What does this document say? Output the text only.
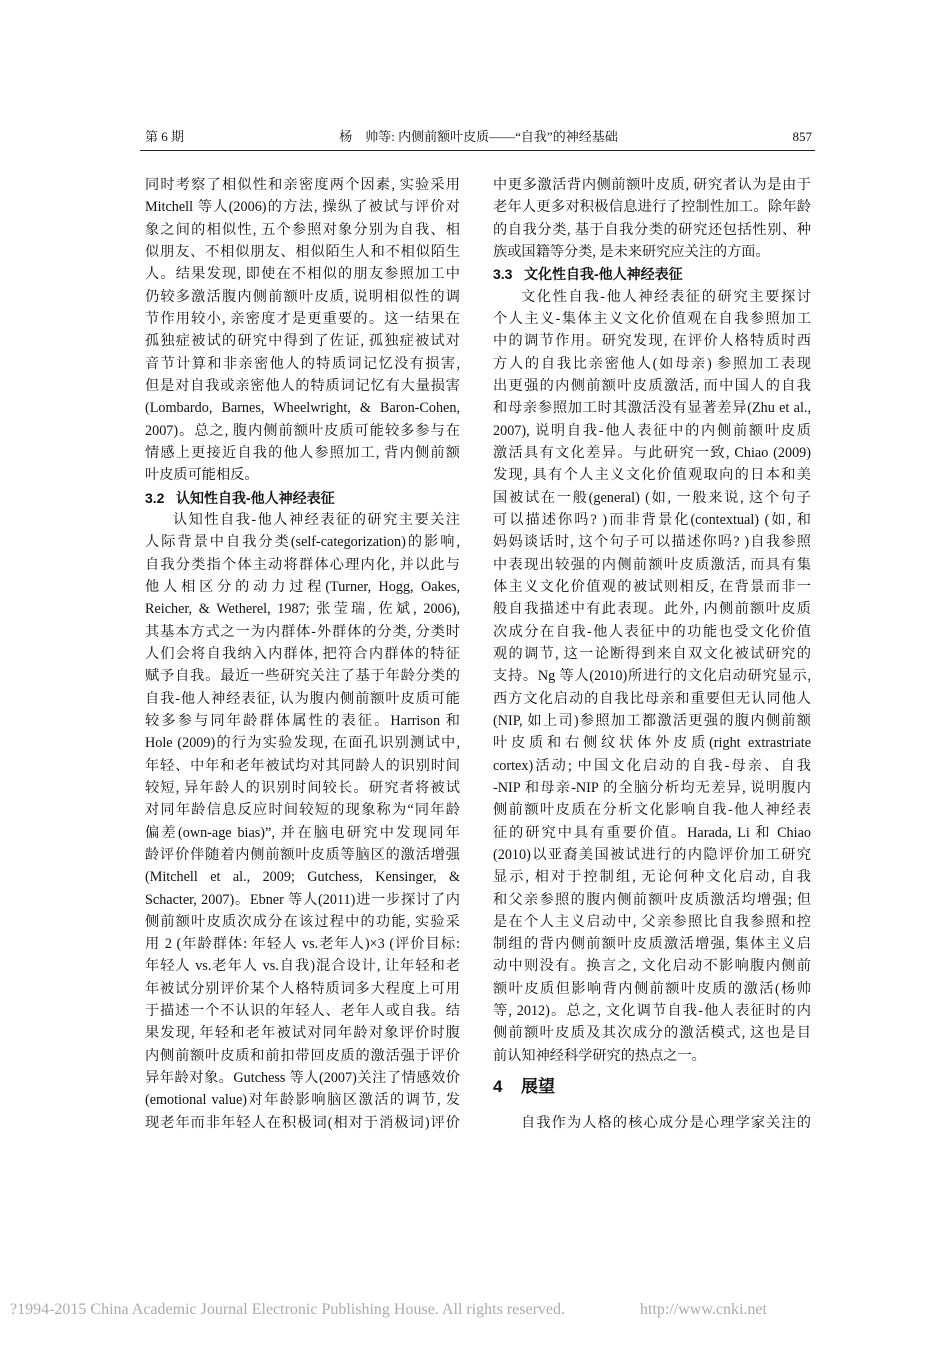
第 6 期	杨　帅等: 内侧前额叶皮质——“自我”的神经基础	857
同时考察了相似性和亲密度两个因素, 实验采用
Mitchell 等人(2006)的方法, 操纵了被试与评价对
象之间的相似性, 五个参照对象分别为自我、相
似朋友、不相似朋友、相似陌生人和不相似陌生
人。结果发现, 即使在不相似的朋友参照加工中
仍较多激活腹内侧前额叶皮质, 说明相似性的调
节作用较小, 亲密度才是更重要的。这一结果在
孤独症被试的研究中得到了佐证, 孤独症被试对
音节计算和非亲密他人的特质词记忆没有损害,
但是对自我或亲密他人的特质词记忆有大量损害
(Lombardo, Barnes, Wheelwright, & Baron-Cohen,
2007)。总之, 腹内侧前额叶皮质可能较多参与在
情感上更接近自我的他人参照加工, 背内侧前额
叶皮质可能相反。
3.2 认知性自我-他人神经表征
认知性自我-他人神经表征的研究主要关注
人际背景中自我分类(self-categorization)的影响,
自我分类指个体主动将群体心理内化, 并以此与
他人相区分的动力过程(Turner, Hogg, Oakes,
Reicher, & Wetherel, 1987; 张莹瑞, 佐斌, 2006),
其基本方式之一为内群体-外群体的分类, 分类时
人们会将自我纳入内群体, 把符合内群体的特征
赋予自我。最近一些研究关注了基于年龄分类的
自我-他人神经表征, 认为腹内侧前额叶皮质可能
较多参与同年龄群体属性的表征。Harrison 和
Hole (2009)的行为实验发现, 在面孔识别测试中,
年轻、中年和老年被试均对其同龄人的识别时间
较短, 异年龄人的识别时间较长。研究者将被试
对同年龄信息反应时间较短的现象称为“同年龄
偏差(own-age bias)”, 并在脑电研究中发现同年
龄评价伴随着内侧前额叶皮质等脑区的激活增强
(Mitchell et al., 2009; Gutchess, Kensinger, &
Schacter, 2007)。Ebner 等人(2011)进一步探讨了内
侧前额叶皮质次成分在该过程中的功能, 实验采
用 2 (年龄群体: 年轻人 vs.老年人)×3 (评价目标:
年轻人 vs.老年人 vs.自我)混合设计, 让年轻和老
年被试分别评价某个人格特质词多大程度上可用
于描述一个不认识的年轻人、老年人或自我。结
果发现, 年轻和老年被试对同年龄对象评价时腹
内侧前额叶皮质和前扣带回皮质的激活强于评价
异年龄对象。Gutchess 等人(2007)关注了情感效价
(emotional value)对年龄影响脑区激活的调节, 发
现老年而非年轻人在积极词(相对于消极词)评价
中更多激活背内侧前额叶皮质, 研究者认为是由于
老年人更多对积极信息进行了控制性加工。除年龄
的自我分类, 基于自我分类的研究还包括性别、种
族或国籍等分类, 是未来研究应关注的方面。
3.3 文化性自我-他人神经表征
文化性自我-他人神经表征的研究主要探讨
个人主义-集体主义文化价值观在自我参照加工
中的调节作用。研究发现, 在评价人格特质时西
方人的自我比亲密他人(如母亲) 参照加工表现
出更强的内侧前额叶皮质激活, 而中国人的自我
和母亲参照加工时其激活没有显著差异(Zhu et al.,
2007), 说明自我-他人表征中的内侧前额叶皮质
激活具有文化差异。与此研究一致, Chiao (2009)
发现, 具有个人主义文化价值观取向的日本和美
国被试在一般(general) (如, 一般来说, 这个句子
可以描述你吗? )而非背景化(contextual) (如, 和
妈妈谈话时, 这个句子可以描述你吗? )自我参照
中表现出较强的内侧前额叶皮质激活, 而具有集
体主义文化价值观的被试则相反, 在背景而非一
般自我描述中有此表现。此外, 内侧前额叶皮质
次成分在自我-他人表征中的功能也受文化价值
观的调节, 这一论断得到来自双文化被试研究的
支持。Ng 等人(2010)所进行的文化启动研究显示,
西方文化启动的自我比母亲和重要但无认同他人
(NIP, 如上司)参照加工都激活更强的腹内侧前额
叶皮质和右侧纹状体外皮质(right extrastriate
cortex)活动; 中国文化启动的自我-母亲、自我
-NIP 和母亲-NIP 的全脑分析均无差异, 说明腹内
侧前额叶皮质在分析文化影响自我-他人神经表
征的研究中具有重要价值。Harada, Li 和 Chiao
(2010)以亚裔美国被试进行的内隐评价加工研究
显示, 相对于控制组, 无论何种文化启动, 自我
和父亲参照的腹内侧前额叶皮质激活均增强; 但
是在个人主义启动中, 父亲参照比自我参照和控
制组的背内侧前额叶皮质激活增强, 集体主义启
动中则没有。换言之, 文化启动不影响腹内侧前
额叶皮质但影响背内侧前额叶皮质的激活(杨帅
等, 2012)。总之, 文化调节自我-他人表征时的内
侧前额叶皮质及其次成分的激活模式, 这也是目
前认知神经科学研究的热点之一。
4 展望
自我作为人格的核心成分是心理学家关注的
?1994-2015 China Academic Journal Electronic Publishing House. All rights reserved.	http://www.cnki.net
